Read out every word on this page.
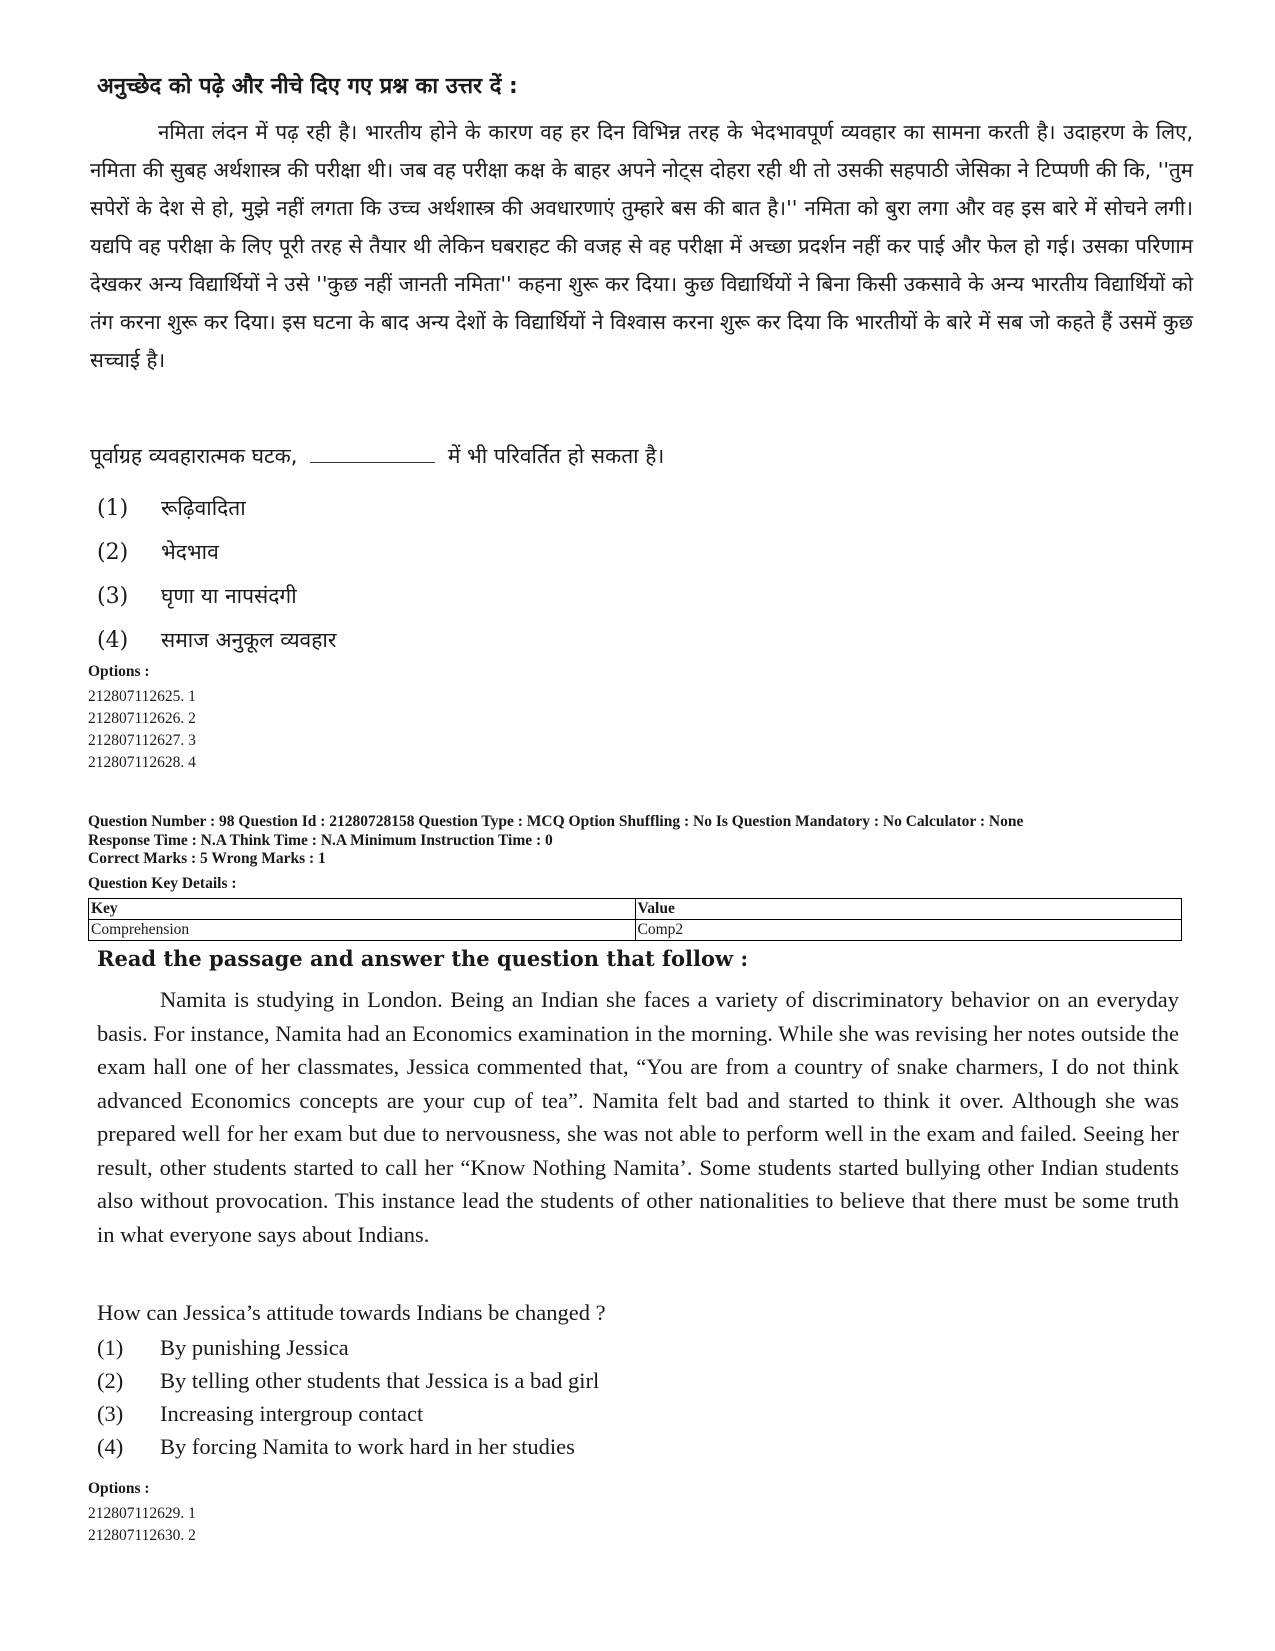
अनुच्छेद को पढ़े और नीचे दिए गए प्रश्न का उत्तर दें :

नमिता लंदन में पढ़ रही है। भारतीय होने के कारण वह हर दिन विभिन्न तरह के भेदभावपूर्ण व्यवहार का सामना करती है। उदाहरण के लिए, नमिता की सुबह अर्थशास्त्र की परीक्षा थी। जब वह परीक्षा कक्ष के बाहर अपने नोट्स दोहरा रही थी तो उसकी सहपाठी जेसिका ने टिप्पणी की कि, ''तुम सपेरों के देश से हो, मुझे नहीं लगता कि उच्च अर्थशास्त्र की अवधारणाएं तुम्हारे बस की बात है।'' नमिता को बुरा लगा और वह इस बारे में सोचने लगी। यद्यपि वह परीक्षा के लिए पूरी तरह से तैयार थी लेकिन घबराहट की वजह से वह परीक्षा में अच्छा प्रदर्शन नहीं कर पाई और फेल हो गई। उसका परिणाम देखकर अन्य विद्यार्थियों ने उसे ''कुछ नहीं जानती नमिता'' कहना शुरू कर दिया। कुछ विद्यार्थियों ने बिना किसी उकसावे के अन्य भारतीय विद्यार्थियों को तंग करना शुरू कर दिया। इस घटना के बाद अन्य देशों के विद्यार्थियों ने विश्वास करना शुरू कर दिया कि भारतीयों के बारे में सब जो कहते हैं उसमें कुछ सच्चाई है।

पूर्वाग्रह व्यवहारात्मक घटक,	में भी परिवर्तित हो सकता है।
(1)	रूढ़िवादिता
(2)	भेदभाव
(3)	घृणा या नापसंदगी
(4)	समाज अनुकूल व्यवहार
Options :
212807112625. 1
212807112626. 2
212807112627. 3
212807112628. 4
Question Number : 98 Question Id : 21280728158 Question Type : MCQ Option Shuffling : No Is Question Mandatory : No Calculator : None
Response Time : N.A Think Time : N.A Minimum Instruction Time : 0
Correct Marks : 5 Wrong Marks : 1
Question Key Details :
Key	Value
Comprehension	Comp2
Read the passage and answer the question that follow :

Namita is studying in London. Being an Indian she faces a variety of discriminatory behavior on an everyday basis. For instance, Namita had an Economics examination in the morning. While she was revising her notes outside the exam hall one of her classmates, Jessica commented that, “You are from a country of snake charmers, I do not think advanced Economics concepts are your cup of tea”. Namita felt bad and started to think it over. Although she was prepared well for her exam but due to nervousness, she was not able to perform well in the exam and failed. Seeing her result, other students started to call her “Know Nothing Namita’. Some students started bullying other Indian students also without provocation. This instance lead the students of other nationalities to believe that there must be some truth in what everyone says about Indians.

How can Jessica’s attitude towards Indians be changed ?
(1)	By punishing Jessica
(2)	By telling other students that Jessica is a bad girl
(3)	Increasing intergroup contact
(4)	By forcing Namita to work hard in her studies
Options :
212807112629. 1
212807112630. 2
